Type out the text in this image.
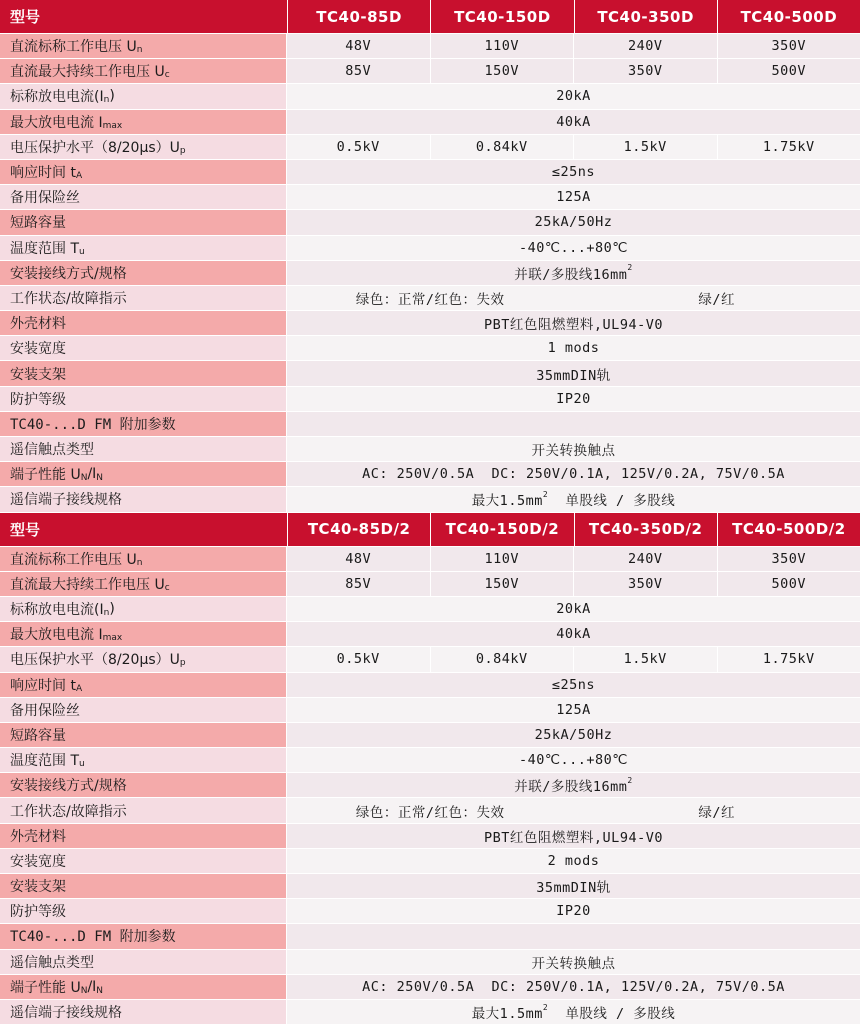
型号	TC40-85D	TC40-150D	TC40-350D	TC40-500D
直流标称工作电压 U n	48V	110V	240V	350V
直流最大持续工作电压 U c	85V	150V	350V	500V
标称放电电流(I n )	20kA
最大放电电流 I max	40kA
电压保护水平（8/20μs）U p	0.5kV	0.84kV	1.5kV	1.75kV
响应时间 t A	≤25ns
备用保险丝	125A
短路容量	25kA/50Hz
温度范围 T u	-40℃...+80℃
安装接线方式/规格	并联/多股线16mm 2
工作状态/故障指示	绿色：正常/红色：失效	绿/红
外壳材料	PBT红色阻燃塑料,UL94-V0
安装宽度	1 mods
安装支架	35mmDIN轨
防护等级	IP20
TC40-...D FM 附加参数
遥信触点类型	开关转换触点
端子性能 U N /I N	AC: 250V/0.5A  DC: 250V/0.1A, 125V/0.2A, 75V/0.5A
遥信端子接线规格	最大1.5mm 2 单股线 / 多股线
型号	TC40-85D/2	TC40-150D/2	TC40-350D/2	TC40-500D/2
直流标称工作电压 U n	48V	110V	240V	350V
直流最大持续工作电压 U c	85V	150V	350V	500V
标称放电电流(I n )	20kA
最大放电电流 I max	40kA
电压保护水平（8/20μs）U p	0.5kV	0.84kV	1.5kV	1.75kV
响应时间 t A	≤25ns
备用保险丝	125A
短路容量	25kA/50Hz
温度范围 T u	-40℃...+80℃
安装接线方式/规格	并联/多股线16mm 2
工作状态/故障指示	绿色：正常/红色：失效	绿/红
外壳材料	PBT红色阻燃塑料,UL94-V0
安装宽度	2 mods
安装支架	35mmDIN轨
防护等级	IP20
TC40-...D FM 附加参数
遥信触点类型	开关转换触点
端子性能 U N /I N	AC: 250V/0.5A  DC: 250V/0.1A, 125V/0.2A, 75V/0.5A
遥信端子接线规格	最大1.5mm 2 单股线 / 多股线
